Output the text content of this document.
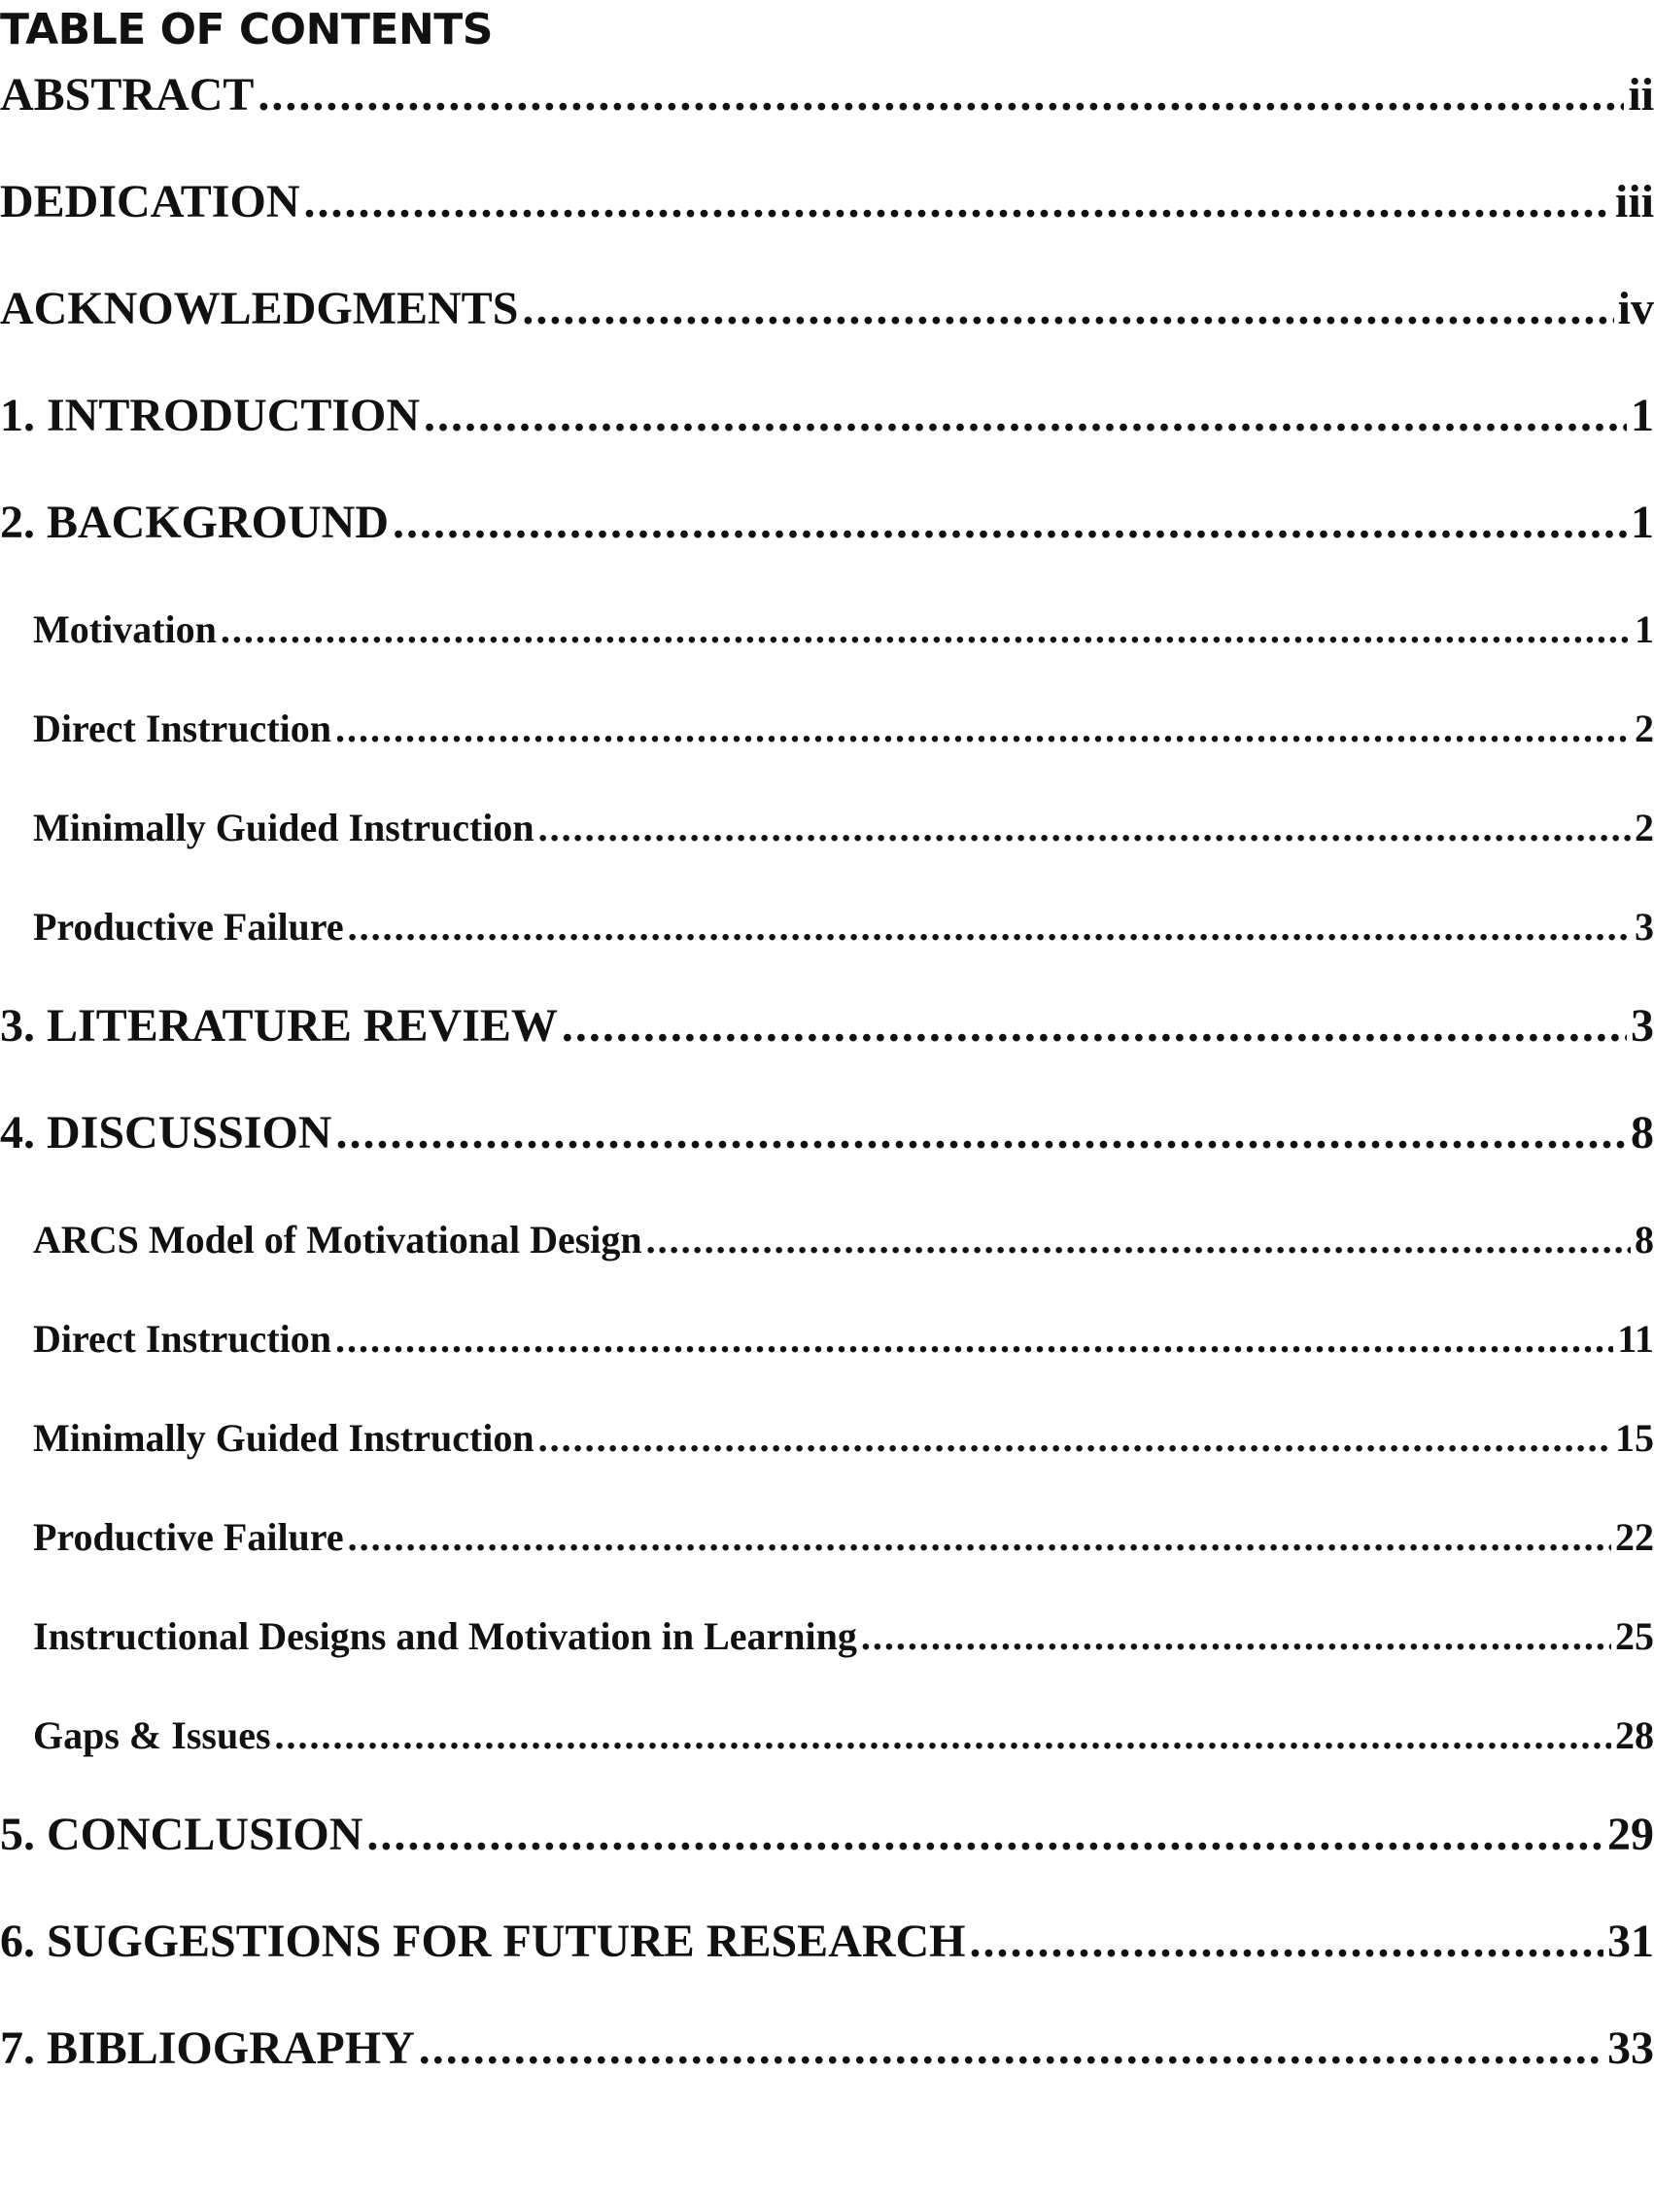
TABLE OF CONTENTS
ABSTRACT .....	ii
DEDICATION .....	iii
ACKNOWLEDGMENTS .....	iv
1. INTRODUCTION .....	1
2. BACKGROUND .....	1
Motivation .....	1
Direct Instruction .....	2
Minimally Guided Instruction .....	2
Productive Failure .....	3
3. LITERATURE REVIEW .....	3
4. DISCUSSION .....	8
ARCS Model of Motivational Design .....	8
Direct Instruction .....	11
Minimally Guided Instruction .....	15
Productive Failure .....	22
Instructional Designs and Motivation in Learning .....	25
Gaps & Issues .....	28
5. CONCLUSION .....	29
6. SUGGESTIONS FOR FUTURE RESEARCH .....	31
7. BIBLIOGRAPHY .....	33
